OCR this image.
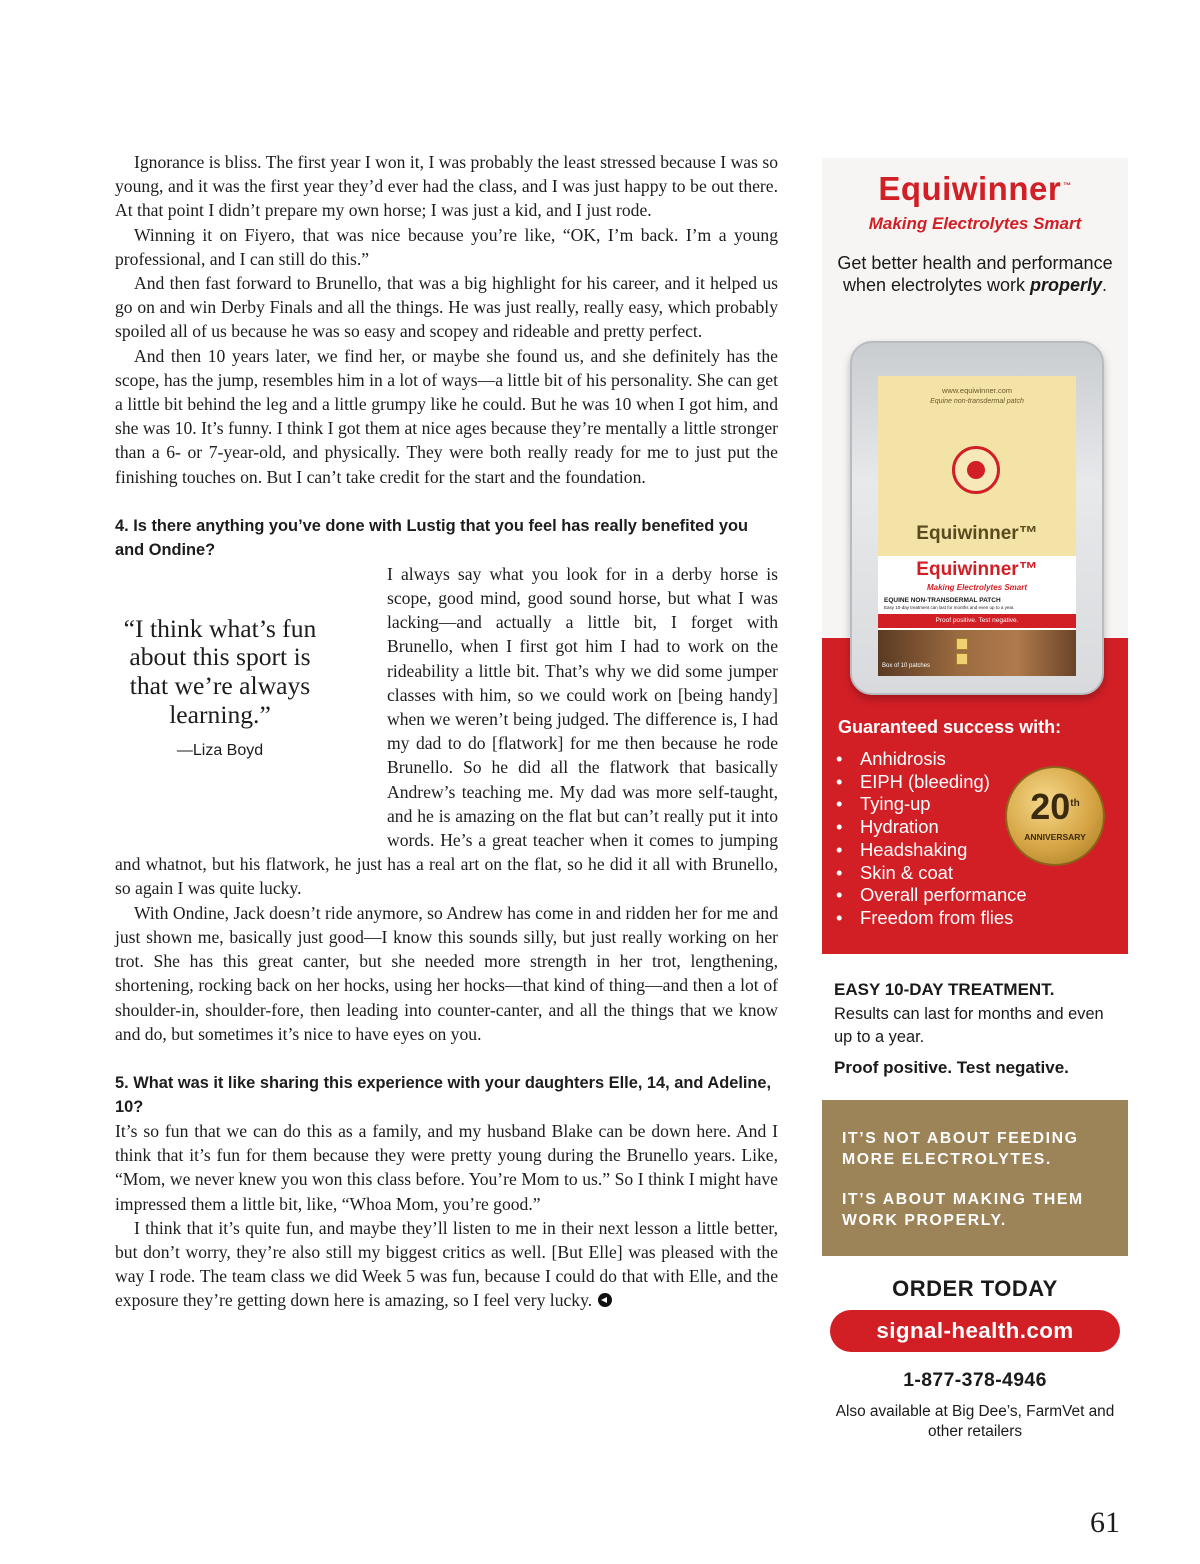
Ignorance is bliss. The first year I won it, I was probably the least stressed because I was so young, and it was the first year they’d ever had the class, and I was just happy to be out there. At that point I didn’t prepare my own horse; I was just a kid, and I just rode.

Winning it on Fiyero, that was nice because you’re like, “OK, I’m back. I’m a young professional, and I can still do this.”

And then fast forward to Brunello, that was a big highlight for his career, and it helped us go on and win Derby Finals and all the things. He was just really, really easy, which probably spoiled all of us because he was so easy and scopey and rideable and pretty perfect.

And then 10 years later, we find her, or maybe she found us, and she definitely has the scope, has the jump, resembles him in a lot of ways—a little bit of his personality. She can get a little bit behind the leg and a little grumpy like he could. But he was 10 when I got him, and she was 10. It’s funny. I think I got them at nice ages because they’re mentally a little stronger than a 6- or 7-year-old, and physically. They were both really ready for me to just put the finishing touches on. But I can’t take credit for the start and the foundation.

4. Is there anything you’ve done with Lustig that you feel has really benefited you and Ondine?

“I think what’s fun about this sport is that we’re always learning.”
—Liza Boyd
I always say what you look for in a derby horse is scope, good mind, good sound horse, but what I was lacking—and actually a little bit, I forget with Brunello, when I first got him I had to work on the rideability a little bit. That’s why we did some jumper classes with him, so we could work on [being handy] when we weren’t being judged. The difference is, I had my dad to do [flatwork] for me then because he rode Brunello. So he did all the flatwork that basically Andrew’s teaching me. My dad was more self-taught, and he is amazing on the flat but can’t really put it into words. He’s a great teacher when it comes to jumping and whatnot, but his flatwork, he just has a real art on the flat, so he did it all with Brunello, so again I was quite lucky.

With Ondine, Jack doesn’t ride anymore, so Andrew has come in and ridden her for me and just shown me, basically just good—I know this sounds silly, but just really working on her trot. She has this great canter, but she needed more strength in her trot, lengthening, shortening, rocking back on her hocks, using her hocks—that kind of thing—and then a lot of shoulder-in, shoulder-fore, then leading into counter-canter, and all the things that we know and do, but sometimes it’s nice to have eyes on you.

5. What was it like sharing this experience with your daughters Elle, 14, and Adeline, 10?

It’s so fun that we can do this as a family, and my husband Blake can be down here. And I think that it’s fun for them because they were pretty young during the Brunello years. Like, “Mom, we never knew you won this class before. You’re Mom to us.” So I think I might have impressed them a little bit, like, “Whoa Mom, you’re good.”

I think that it’s quite fun, and maybe they’ll listen to me in their next lesson a little better, but don’t worry, they’re also still my biggest critics as well. [But Elle] was pleased with the way I rode. The team class we did Week 5 was fun, because I could do that with Elle, and the exposure they’re getting down here is amazing, so I feel very lucky.

Equiwinner ™
Making Electrolytes Smart
Get better health and performance when electrolytes work properly.
Guaranteed success with:
• Anhidrosis
• EIPH (bleeding)
• Tying-up
• Hydration
• Headshaking
• Skin & coat
• Overall performance
• Freedom from flies
20th
ANNIVERSARY
www.equiwinner.com
Equine non-transdermal patch
Equiwinner™
Equiwinner™
Making Electrolytes Smart
EQUINE NON-TRANSDERMAL PATCH
Easy 10-day treatment can last for months and even up to a year.
Proof positive. Test negative.
Box of 10 patches
EASY 10-DAY TREATMENT.
Results can last for months and even up to a year.
Proof positive. Test negative.
IT’S NOT ABOUT FEEDING MORE ELECTROLYTES.
IT’S ABOUT MAKING THEM WORK PROPERLY.
ORDER TODAY
signal-health.com
1-877-378-4946
Also available at Big Dee’s, FarmVet and other retailers
61
